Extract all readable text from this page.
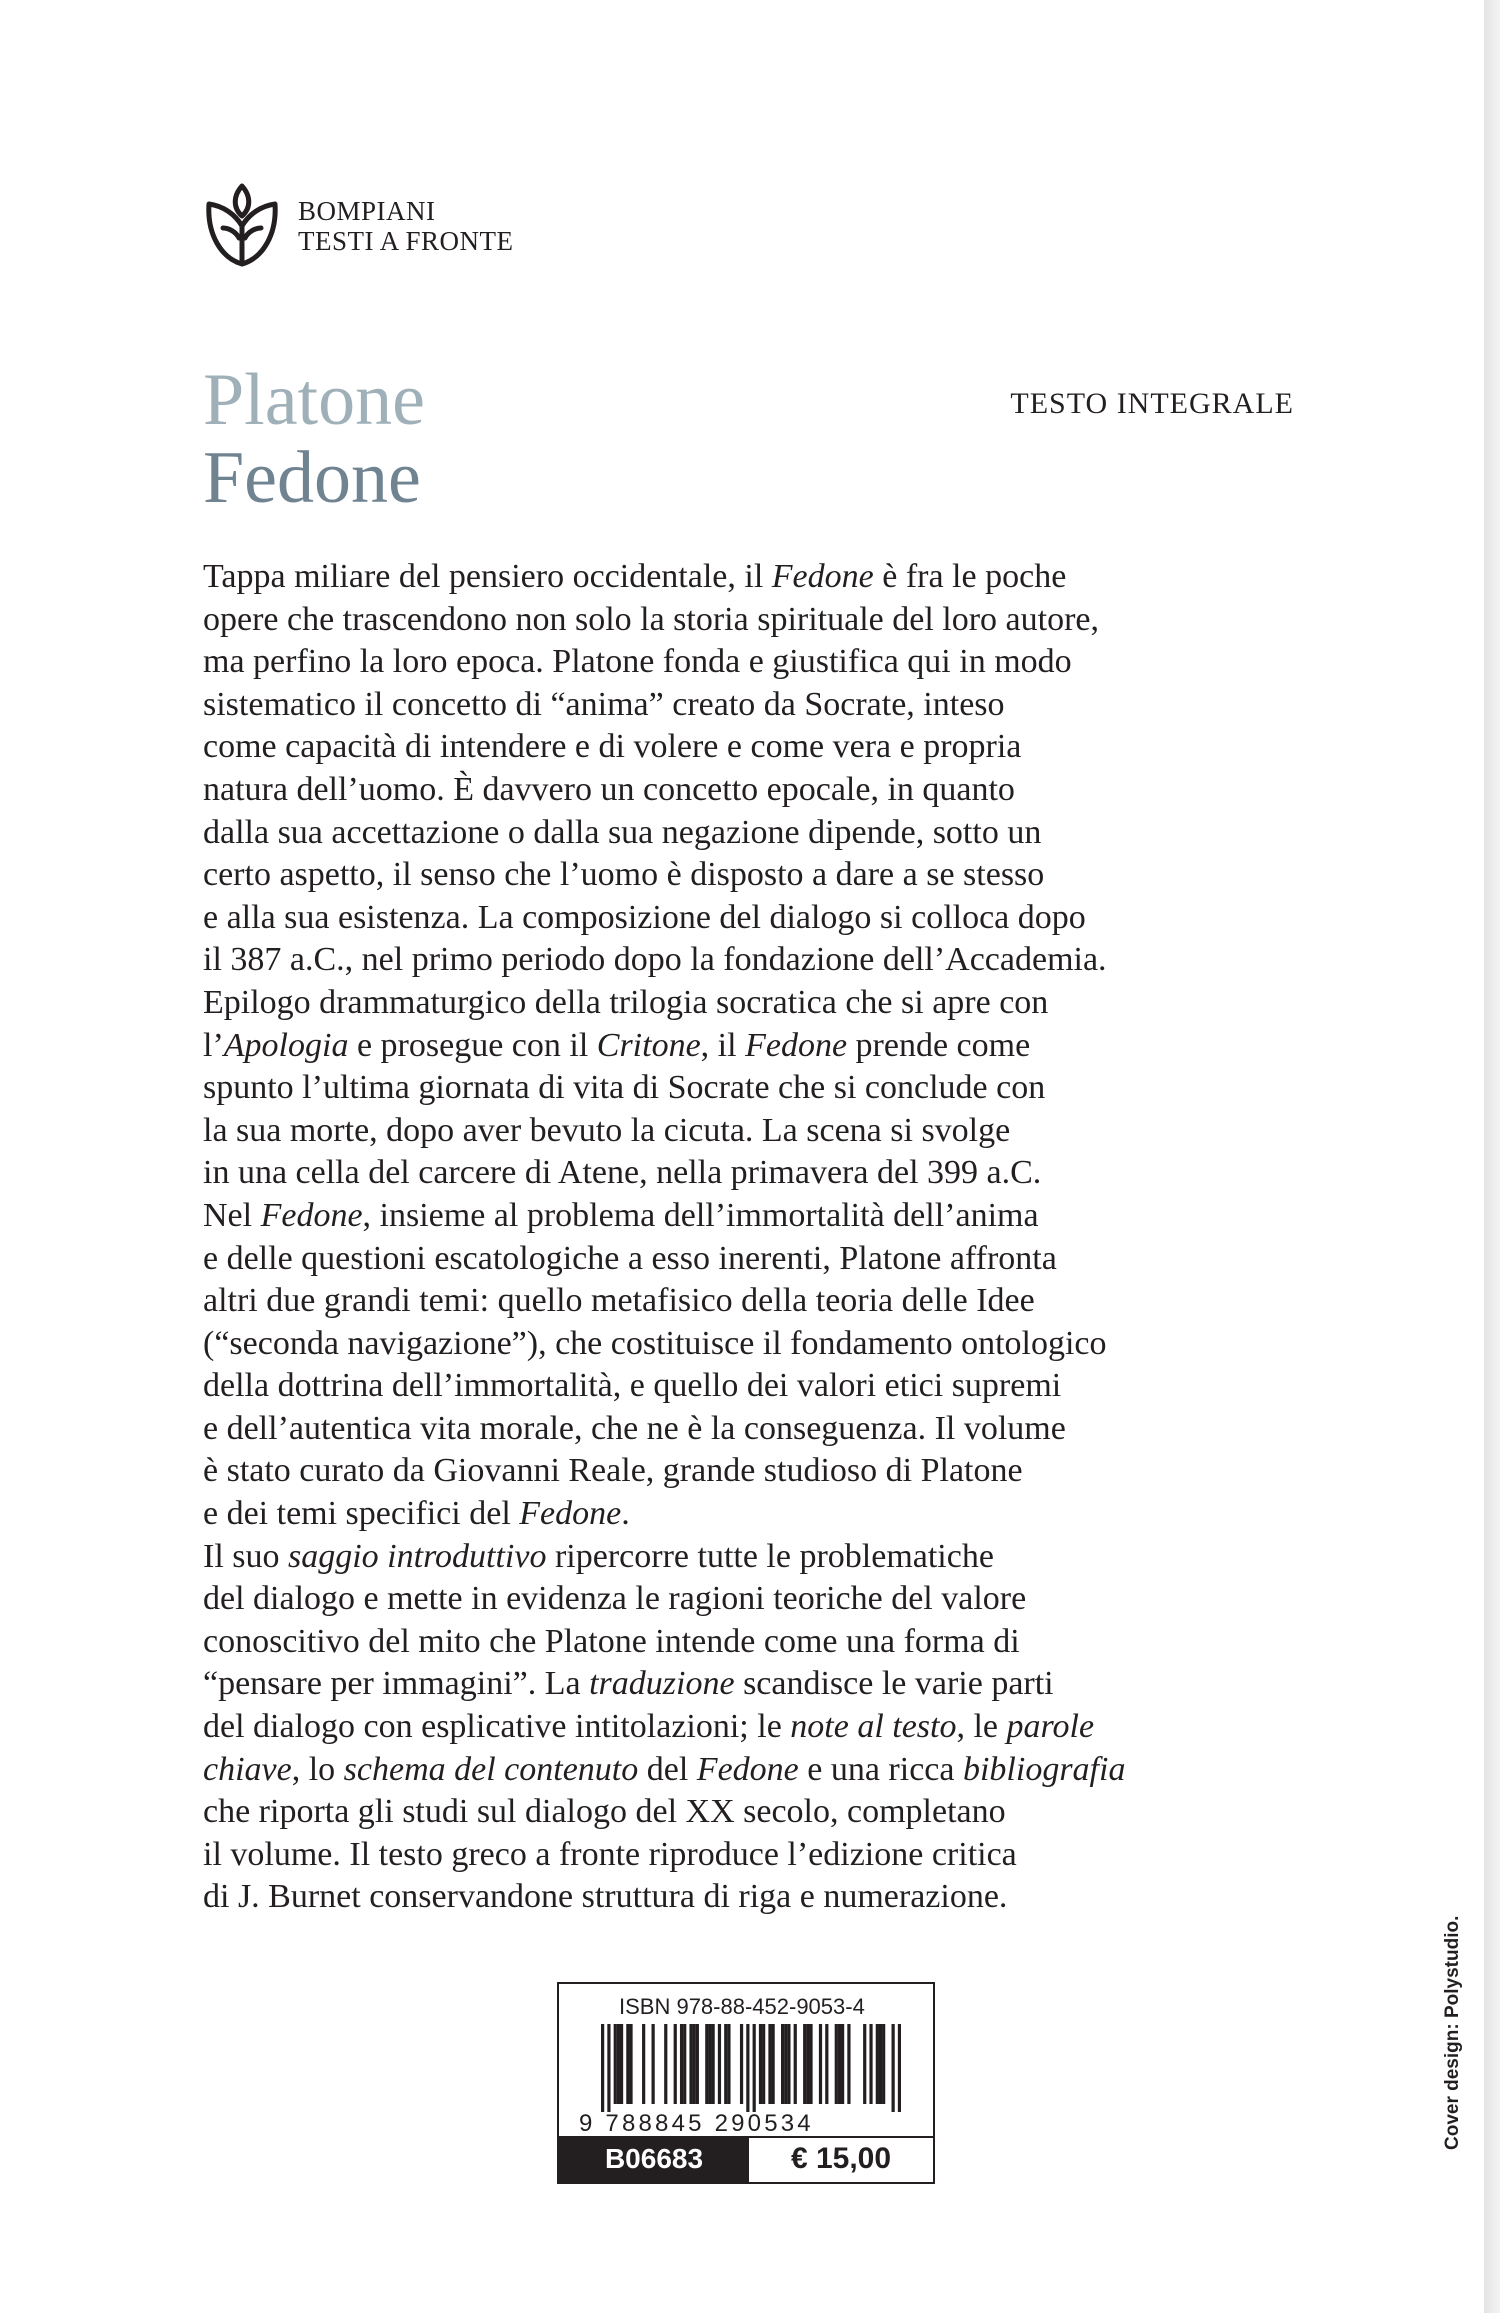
BOMPIANI
TESTI A FRONTE
Platone
Fedone
TESTO INTEGRALE
Tappa miliare del pensiero occidentale, il Fedone è fra le poche
opere che trascendono non solo la storia spirituale del loro autore,
ma perfino la loro epoca. Platone fonda e giustifica qui in modo
sistematico il concetto di “anima” creato da Socrate, inteso
come capacità di intendere e di volere e come vera e propria
natura dell’uomo. È davvero un concetto epocale, in quanto
dalla sua accettazione o dalla sua negazione dipende, sotto un
certo aspetto, il senso che l’uomo è disposto a dare a se stesso
e alla sua esistenza. La composizione del dialogo si colloca dopo
il 387 a.C., nel primo periodo dopo la fondazione dell’Accademia.
Epilogo drammaturgico della trilogia socratica che si apre con
l’Apologia e prosegue con il Critone, il Fedone prende come
spunto l’ultima giornata di vita di Socrate che si conclude con
la sua morte, dopo aver bevuto la cicuta. La scena si svolge
in una cella del carcere di Atene, nella primavera del 399 a.C.
Nel Fedone, insieme al problema dell’immortalità dell’anima
e delle questioni escatologiche a esso inerenti, Platone affronta
altri due grandi temi: quello metafisico della teoria delle Idee
(“seconda navigazione”), che costituisce il fondamento ontologico
della dottrina dell’immortalità, e quello dei valori etici supremi
e dell’autentica vita morale, che ne è la conseguenza. Il volume
è stato curato da Giovanni Reale, grande studioso di Platone
e dei temi specifici del Fedone.
Il suo saggio introduttivo ripercorre tutte le problematiche
del dialogo e mette in evidenza le ragioni teoriche del valore
conoscitivo del mito che Platone intende come una forma di
“pensare per immagini”. La traduzione scandisce le varie parti
del dialogo con esplicative intitolazioni; le note al testo, le parole
chiave, lo schema del contenuto del Fedone e una ricca bibliografia
che riporta gli studi sul dialogo del XX secolo, completano
il volume. Il testo greco a fronte riproduce l’edizione critica
di J. Burnet conservandone struttura di riga e numerazione.
ISBN 978-88-452-9053-4
9 788845 290534
B06683	€ 15,00
Cover design: Polystudio.
